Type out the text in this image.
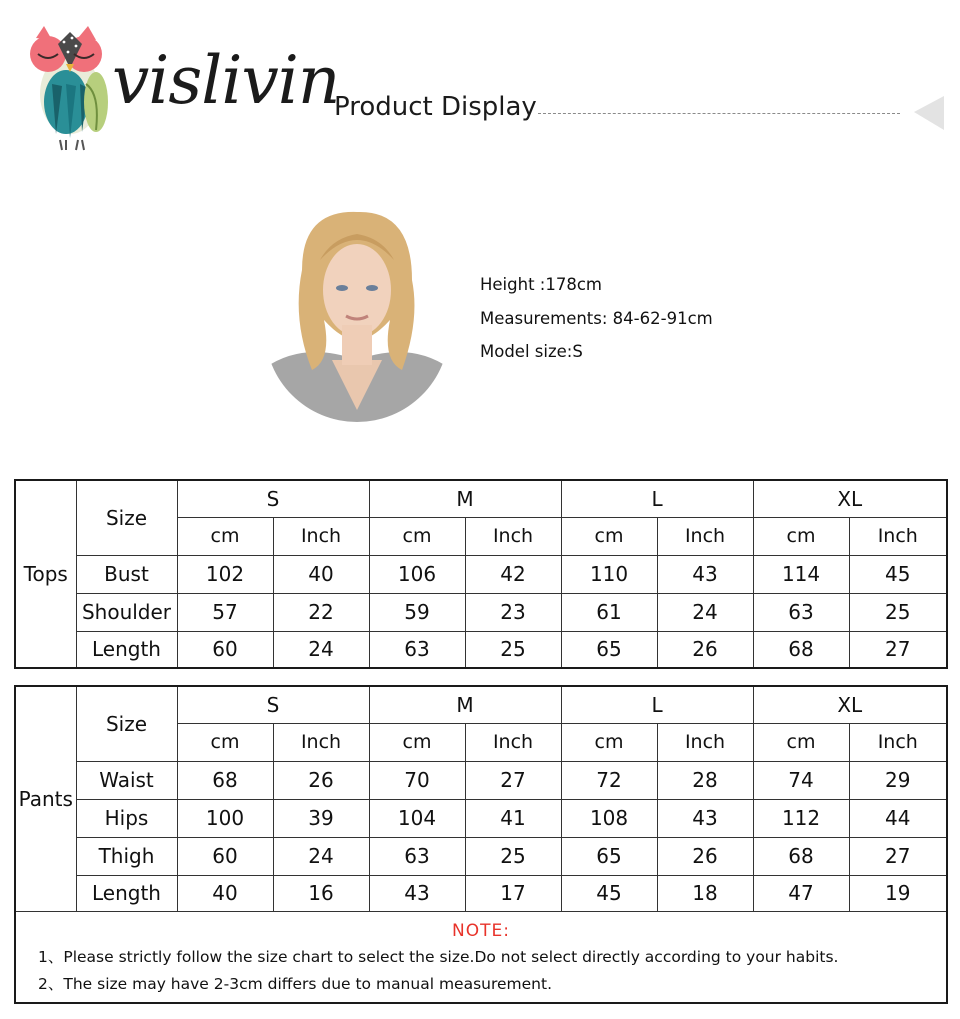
vislivin
Product Display
Height :178cm
Measurements: 84-62-91cm
Model size:S
Tops	Size	S		M		L		XL	
		cm	Inch	cm	Inch	cm	Inch	cm	Inch
	Bust	102	40	106	42	110	43	114	45
	Shoulder	57	22	59	23	61	24	63	25
	Length	60	24	63	25	65	26	68	27
Pants	Size	S		M		L		XL	
		cm	Inch	cm	Inch	cm	Inch	cm	Inch
	Waist	68	26	70	27	72	28	74	29
	Hips	100	39	104	41	108	43	112	44
	Thigh	60	24	63	25	65	26	68	27
	Length	40	16	43	17	45	18	47	19

NOTE:
1、Please strictly follow the size chart to select the size.Do not select directly according to your habits.
2、The size may have 2-3cm differs due to manual measurement.									
